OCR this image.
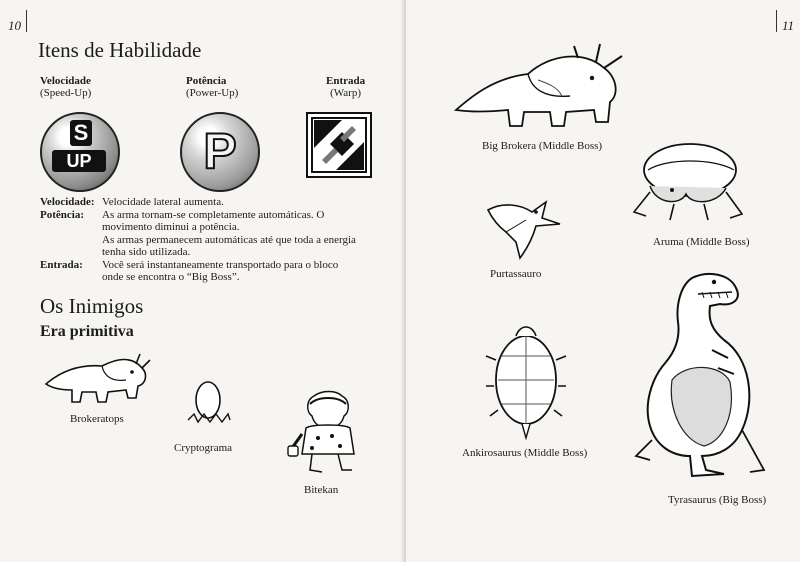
10
Itens de Habilidade
Velocidade
(Speed-Up)
Potência
(Power-Up)
Entrada
(Warp)
S
UP P
Velocidade: Velocidade lateral aumenta.
Potência:	As arma tornam-se completamente automáticas. O movimento diminui a potência.
As armas permanecem automáticas até que toda a energia tenha sido utilizada.
Entrada:	Você será instantaneamente transportado para o bloco onde se encontra o “Big Boss”.
Os Inimigos
Era primitiva
Brokeratops
Cryptograma
Bitekan
11
Big Brokera (Middle Boss)
Aruma (Middle Boss)
Purtassauro
Ankirosaurus (Middle Boss)
Tyrasaurus (Big Boss)
